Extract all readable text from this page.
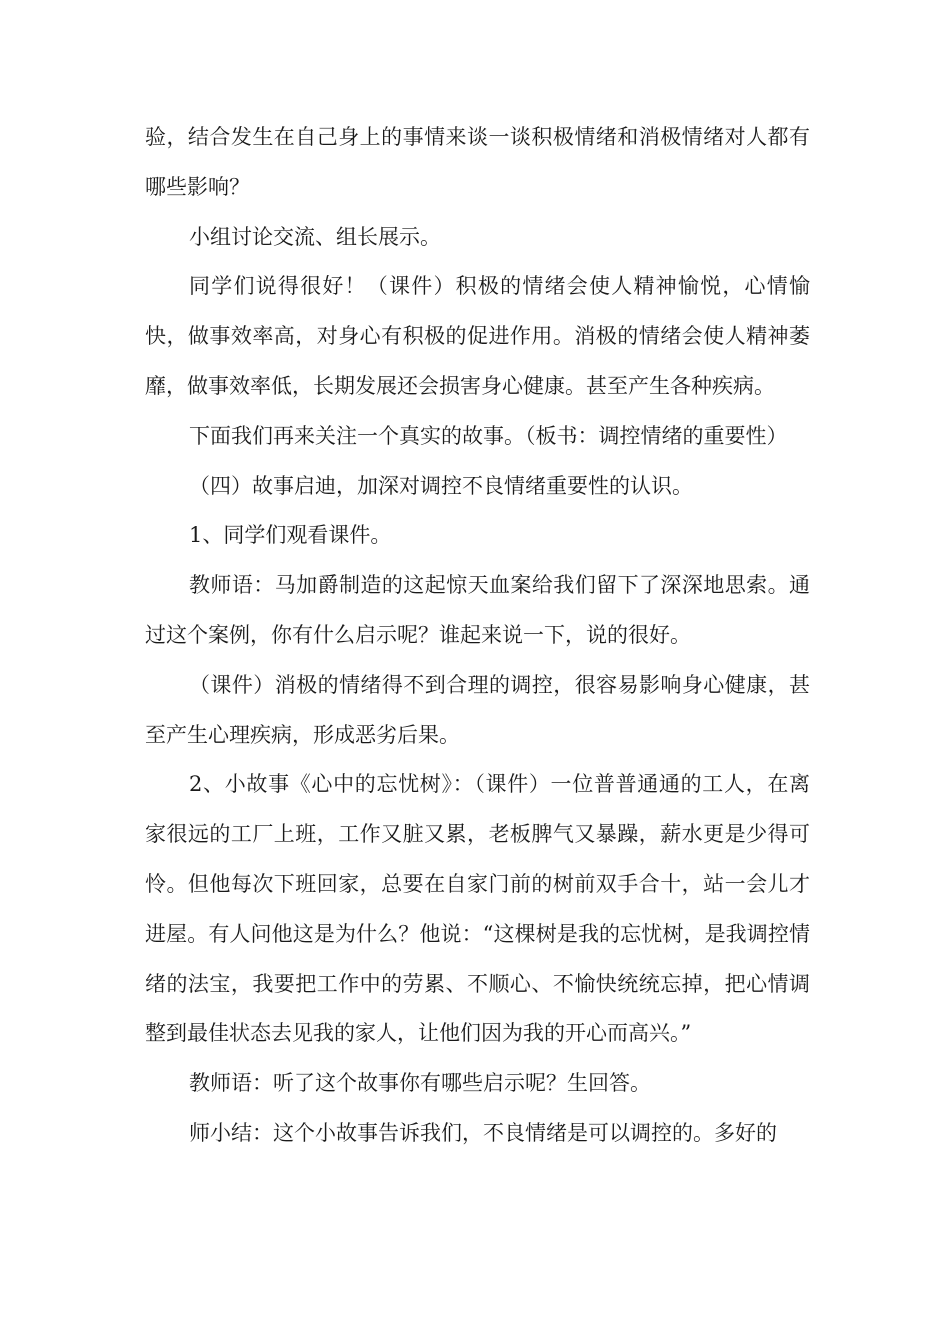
验，结合发生在自己身上的事情来谈一谈积极情绪和消极情绪对人都有哪些影响？

小组讨论交流、组长展示。

同学们说得很好！（课件）积极的情绪会使人精神愉悦，心情愉快，做事效率高，对身心有积极的促进作用。消极的情绪会使人精神萎靡，做事效率低，长期发展还会损害身心健康。甚至产生各种疾病。

下面我们再来关注一个真实的故事。（板书：调控情绪的重要性）

（四）故事启迪，加深对调控不良情绪重要性的认识。

1、同学们观看课件。

教师语：马加爵制造的这起惊天血案给我们留下了深深地思索。通过这个案例，你有什么启示呢？谁起来说一下，说的很好。

（课件）消极的情绪得不到合理的调控，很容易影响身心健康，甚至产生心理疾病，形成恶劣后果。

2、小故事《心中的忘忧树》：（课件）一位普普通通的工人，在离家很远的工厂上班，工作又脏又累，老板脾气又暴躁，薪水更是少得可怜。但他每次下班回家，总要在自家门前的树前双手合十，站一会儿才进屋。有人问他这是为什么？他说：“这棵树是我的忘忧树，是我调控情绪的法宝，我要把工作中的劳累、不顺心、不愉快统统忘掉，把心情调整到最佳状态去见我的家人，让他们因为我的开心而高兴。”

教师语：听了这个故事你有哪些启示呢？生回答。

师小结：这个小故事告诉我们，不良情绪是可以调控的。多好的
